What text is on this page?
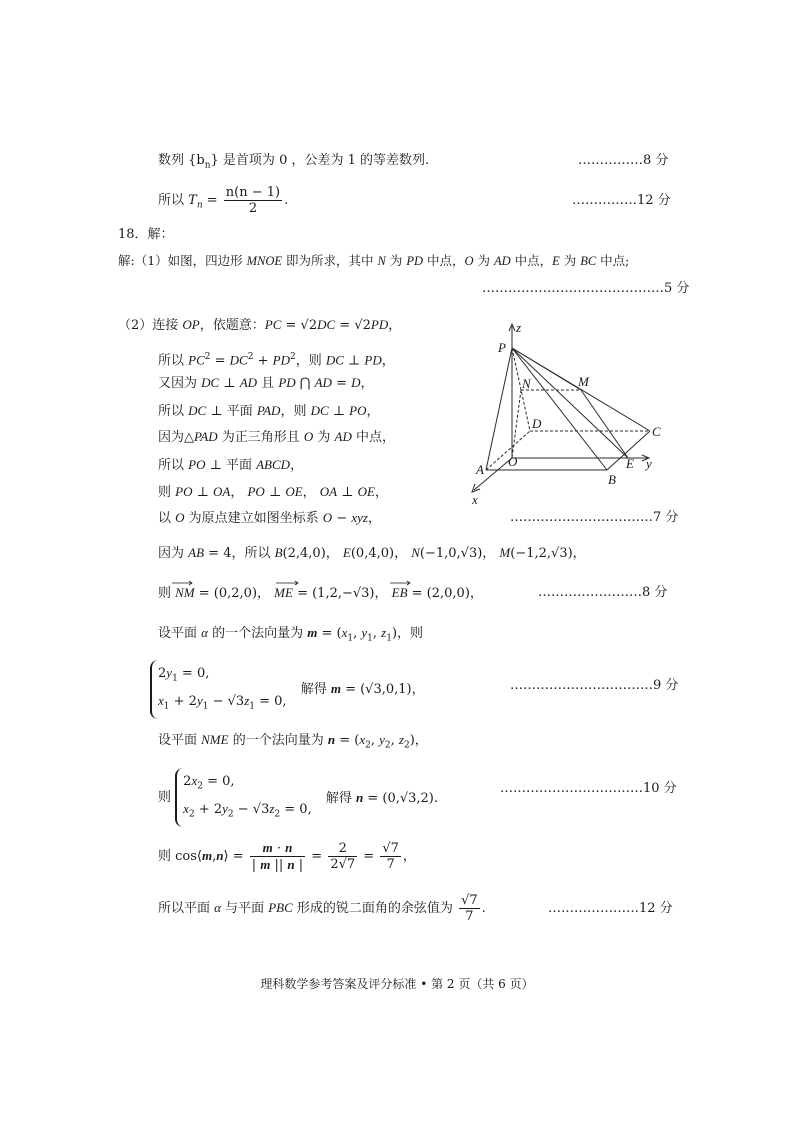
数列 $\{b_n\}$ 是首项为 0 ，公差为 1 的等差数列.	……………8 分
所以 $T_n = \frac{n(n - 1)}{2}$ .	……………12 分
18．解：
解:（1）如图，四边形 MNOE 即为所求，其中 N 为 PD 中点，O 为 AD 中点，E 为 BC 中点;
……………………………………5 分
（2）连接 OP，依题意：PC = √2DC = √2PD，
所以 $PC^2 = DC^2 + PD^2$，则 DC ⊥ PD，
又因为 DC ⊥ AD 且 PD ⋂ AD = D，
所以 DC ⊥ 平面 PAD，则 DC ⊥ PO，
因为△PAD 为正三角形且 O 为 AD 中点，
所以 PO ⊥ 平面 ABCD，
则 PO ⊥ OA， PO ⊥ OE， OA ⊥ OE，
以 O 为原点建立如图坐标系 O − xyz，	……………………………7 分
P
N	M
D
C
O	E
A
B
x
y
z
因为 AB = 4，所以 B(2,4,0)， E(0,4,0)， N(−1,0,√3)， M(−1,2,√3)，
则 NM = (0,2,0)， ME = (1,2,−√3)， EB = (2,0,0)，	……………………8 分
设平面 α 的一个法向量为 $m = (x_1$, $y_1$, $z_1$)，则
$2y_1 = 0$,
$x_1 + 2y_1 - √3z_1 = 0$,
解得 m = (√3,0,1)，	……………………………9 分
设平面 NME 的一个法向量为 $n = (x_2$, $y_2$, $z_2$)，
则
$2x_2 = 0$,
$x_2 + 2y_2 - √3z_2 = 0$,
解得 n = (0,√3,2).
……………………………10 分
则 cos⟨m,n⟩ = $\frac{m \cdot n}{| m || n |} = \frac{2}{2√7} = \frac{√7}{7}$ ，
所以平面 α 与平面 PBC 形成的锐二面角的余弦值为 $\frac{√7}{7}$ .	…………………12 分
理科数学参考答案及评分标准 • 第 2 页（共 6 页）
